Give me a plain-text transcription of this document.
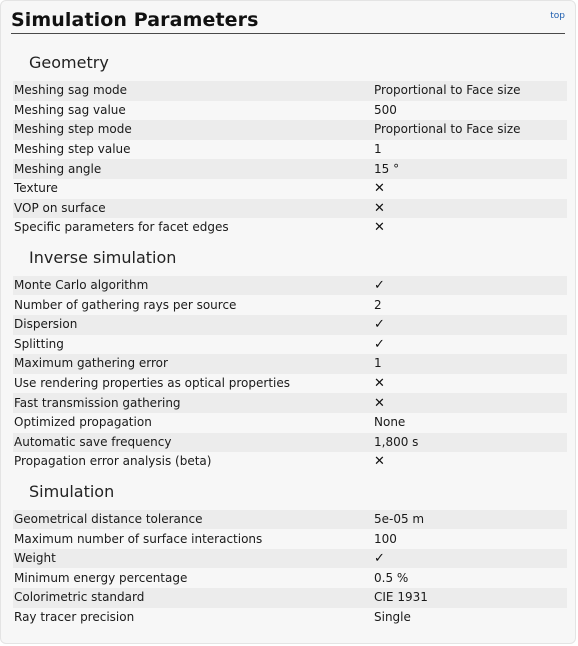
top
Simulation Parameters
Geometry
Meshing sag mode	Proportional to Face size
Meshing sag value	500
Meshing step mode	Proportional to Face size
Meshing step value	1
Meshing angle	15 °
Texture	✕
VOP on surface	✕
Specific parameters for facet edges	✕
Inverse simulation
Monte Carlo algorithm	✓
Number of gathering rays per source	2
Dispersion	✓
Splitting	✓
Maximum gathering error	1
Use rendering properties as optical properties	✕
Fast transmission gathering	✕
Optimized propagation	None
Automatic save frequency	1,800 s
Propagation error analysis (beta)	✕
Simulation
Geometrical distance tolerance	5e-05 m
Maximum number of surface interactions	100
Weight	✓
Minimum energy percentage	0.5 %
Colorimetric standard	CIE 1931
Ray tracer precision	Single
